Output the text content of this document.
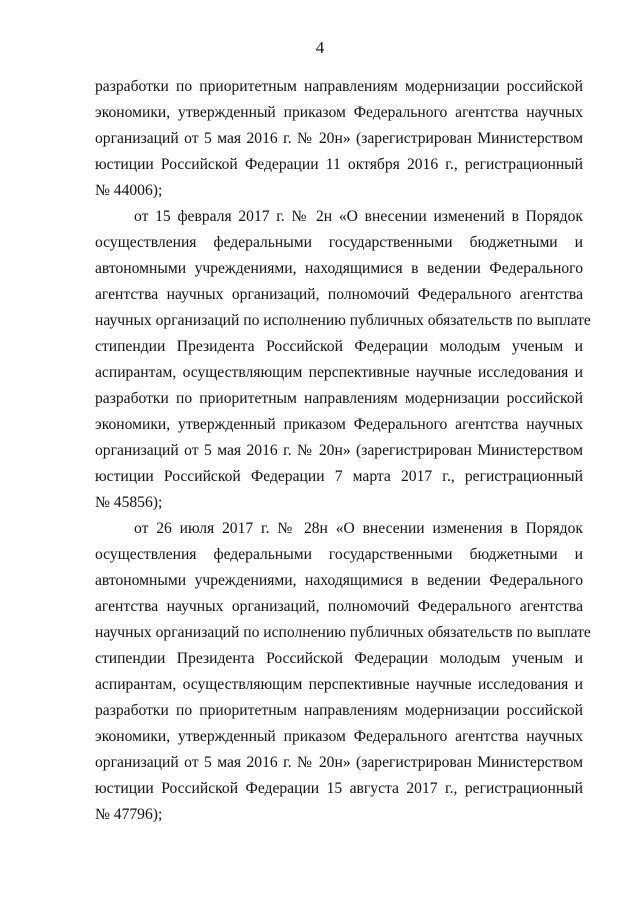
4
разработки по приоритетным направлениям модернизации российской
экономики, утвержденный приказом Федерального агентства научных
организаций от 5 мая 2016 г. № 20н» (зарегистрирован Министерством
юстиции Российской Федерации 11 октября 2016 г., регистрационный
№ 44006);
от 15 февраля 2017 г. № 2н «О внесении изменений в Порядок
осуществления федеральными государственными бюджетными и
автономными учреждениями, находящимися в ведении Федерального
агентства научных организаций, полномочий Федерального агентства
научных организаций по исполнению публичных обязательств по выплате
стипендии Президента Российской Федерации молодым ученым и
аспирантам, осуществляющим перспективные научные исследования и
разработки по приоритетным направлениям модернизации российской
экономики, утвержденный приказом Федерального агентства научных
организаций от 5 мая 2016 г. № 20н» (зарегистрирован Министерством
юстиции Российской Федерации 7 марта 2017 г., регистрационный
№ 45856);
от 26 июля 2017 г. № 28н «О внесении изменения в Порядок
осуществления федеральными государственными бюджетными и
автономными учреждениями, находящимися в ведении Федерального
агентства научных организаций, полномочий Федерального агентства
научных организаций по исполнению публичных обязательств по выплате
стипендии Президента Российской Федерации молодым ученым и
аспирантам, осуществляющим перспективные научные исследования и
разработки по приоритетным направлениям модернизации российской
экономики, утвержденный приказом Федерального агентства научных
организаций от 5 мая 2016 г. № 20н» (зарегистрирован Министерством
юстиции Российской Федерации 15 августа 2017 г., регистрационный
№ 47796);
